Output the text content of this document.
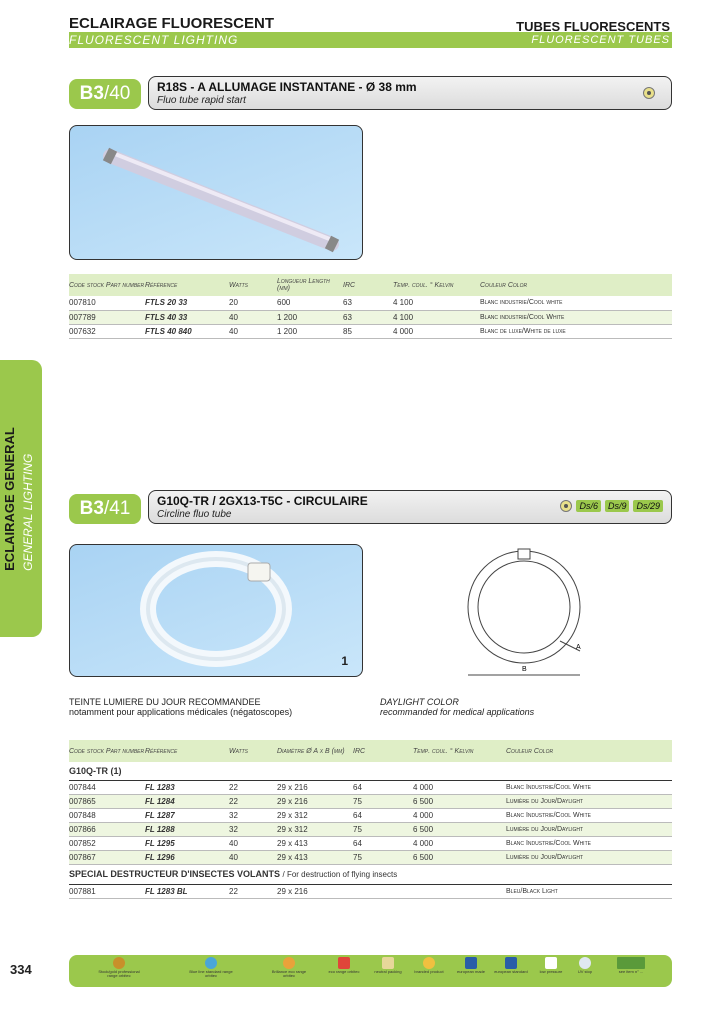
ECLAIRAGE FLUORESCENT
FLUORESCENT LIGHTING
TUBES FLUORESCENTS
FLUORESCENT TUBES
ECLAIRAGE GENERAL GENERAL LIGHTING
B3 /40 R18S - A ALLUMAGE INSTANTANE - Ø 38 mm
Fluo tube rapid start
Code stock Part number	Référence	Watts	Longueur Length (mm)	IRC	Temp. coul. ° Kelvin	Couleur Color
007810	FTLS 20 33	20	600	63	4 100	Blanc industrie/Cool white
007789	FTLS 40 33	40	1 200	63	4 100	Blanc industrie/Cool White
007632	FTLS 40 840	40	1 200	85	4 000	Blanc de luxe/White de luxe
B3 /41 G10Q-TR / 2GX13-T5C - CIRCULAIRE
Circline fluo tube
Ds/6	Ds/9	Ds/29
1
B
A
TEINTE LUMIERE DU JOUR RECOMMANDEE
notamment pour applications médicales (négatoscopes)
DAYLIGHT COLOR
recommanded for medical applications
Code stock Part number	Référence	Watts	Diamètre Ø A x B (mm)	IRC	Temp. coul. ° Kelvin	Couleur Color
G10Q-TR (1)						
007844	FL 1283	22	29 x 216	64	4 000	Blanc Industrie/Cool White
007865	FL 1284	22	29 x 216	75	6 500	Lumière du Jour/Daylight
007848	FL 1287	32	29 x 312	64	4 000	Blanc Industrie/Cool White
007866	FL 1288	32	29 x 312	75	6 500	Lumière du Jour/Daylight
007852	FL 1295	40	29 x 413	64	4 000	Blanc Industrie/Cool White
007867	FL 1296	40	29 x 413	75	6 500	Lumière du Jour/Daylight
SPECIAL DESTRUCTEUR D'INSECTES VOLANTS / For destruction of flying insects						
007881	FL 1283 BL	22	29 x 216			Bleu/Black Light
334	Stock/gold professional range orbitec
Blue line standard range orbitec
Brillance eco range orbitec
eco range orbitec	neutral packing	branded product	european made	european standard	low pressure	UV stop	see item n° ...
